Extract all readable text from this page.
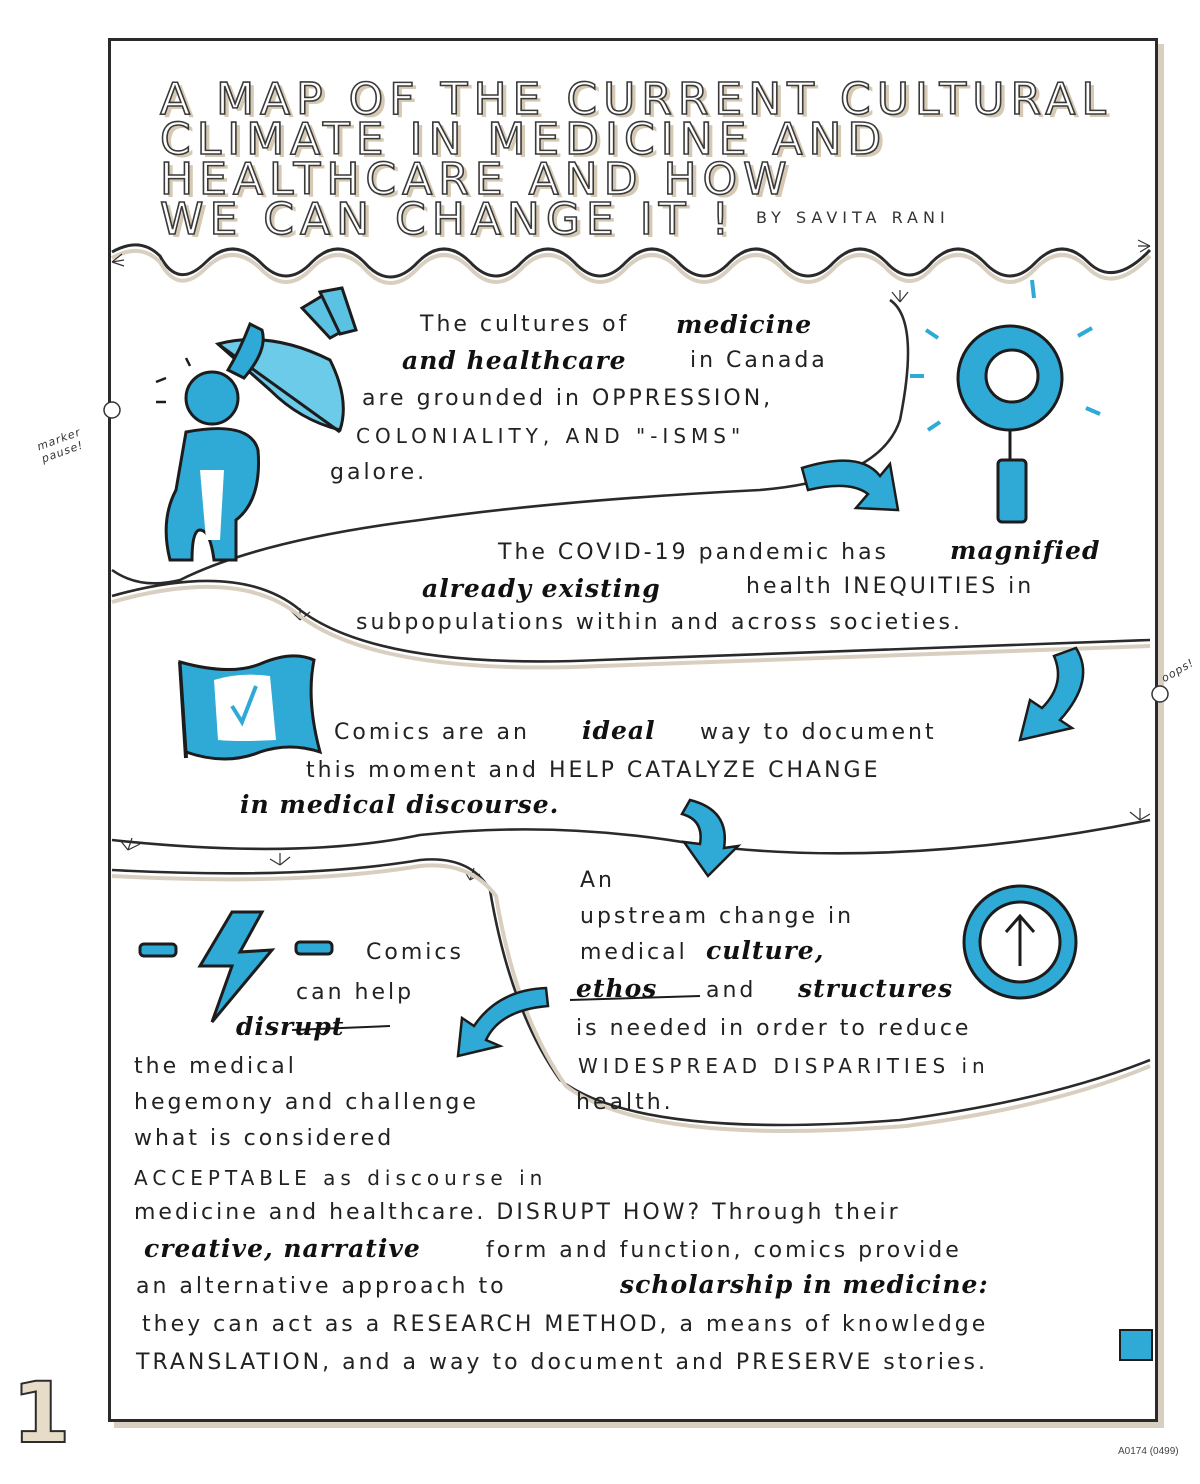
A MAP OF THE CURRENT CULTURAL
CLIMATE IN MEDICINE AND
HEALTHCARE AND HOW
WE CAN CHANGE IT ! BY SAVITA RANI
The cultures of medicine
and healthcare	in Canada
are grounded in OPPRESSION,
COLONIALITY, AND "-ISMS"
galore.
The COVID-19 pandemic has magnified
already existing	health INEQUITIES in
subpopulations within and across societies.
Comics are an ideal way to document
this moment and HELP CATALYZE CHANGE
in medical discourse.
An
upstream change in
medical culture,
ethos and structures
is needed in order to reduce
WIDESPREAD DISPARITIES in
health.
Comics
can help
disrupt
the medical
hegemony and challenge
what is considered
ACCEPTABLE as discourse in
medicine and healthcare. DISRUPT HOW? Through their
creative, narrative	form and function, comics provide
an alternative approach to	scholarship in medicine:
they can act as a RESEARCH METHOD, a means of knowledge
TRANSLATION, and a way to document and PRESERVE stories.
marker pause!
oops!
1	A0174 (0499)
